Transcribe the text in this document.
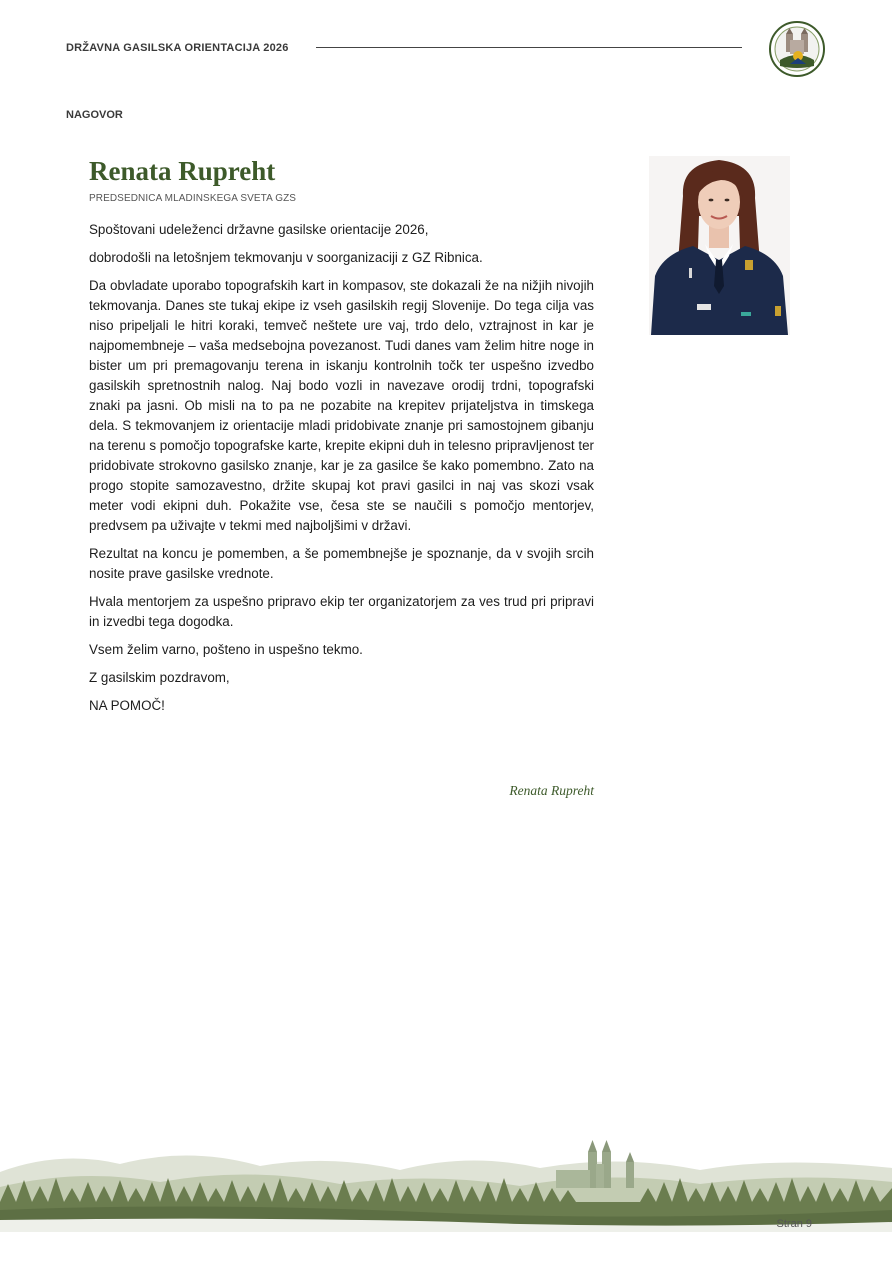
DRŽAVNA GASILSKA ORIENTACIJA 2026
NAGOVOR
Renata Rupreht
PREDSEDNICA MLADINSKEGA SVETA GZS

Spoštovani udeleženci državne gasilske orientacije 2026,

dobrodošli na letošnjem tekmovanju v soorganizaciji z GZ Ribnica.

Da obvladate uporabo topografskih kart in kompasov, ste dokazali že na nižjih nivojih tekmovanja. Danes ste tukaj ekipe iz vseh gasilskih regij Slovenije. Do tega cilja vas niso pripeljali le hitri koraki, temveč neštete ure vaj, trdo delo, vztrajnost in kar je najpomembneje – vaša medsebojna povezanost. Tudi danes vam želim hitre noge in bister um pri premagovanju terena in iskanju kontrolnih točk ter uspešno izvedbo gasilskih spretnostnih nalog. Naj bodo vozli in navezave orodij trdni, topografski znaki pa jasni. Ob misli na to pa ne pozabite na krepitev prijateljstva in timskega dela. S tekmovanjem iz orientacije mladi pridobivate znanje pri samostojnem gibanju na terenu s pomočjo topografske karte, krepite ekipni duh in telesno pripravljenost ter pridobivate strokovno gasilsko znanje, kar je za gasilce še kako pomembno. Zato na progo stopite samozavestno, držite skupaj kot pravi gasilci in naj vas skozi vsak meter vodi ekipni duh. Pokažite vse, česa ste se naučili s pomočjo mentorjev, predvsem pa uživajte v tekmi med najboljšimi v državi.

Rezultat na koncu je pomemben, a še pomembnejše je spoznanje, da v svojih srcih nosite prave gasilske vrednote.

Hvala mentorjem za uspešno pripravo ekip ter organizatorjem za ves trud pri pripravi in izvedbi tega dogodka.

Vsem želim varno, pošteno in uspešno tekmo.

Z gasilskim pozdravom,

NA POMOČ!

Renata Rupreht
Stran 9
